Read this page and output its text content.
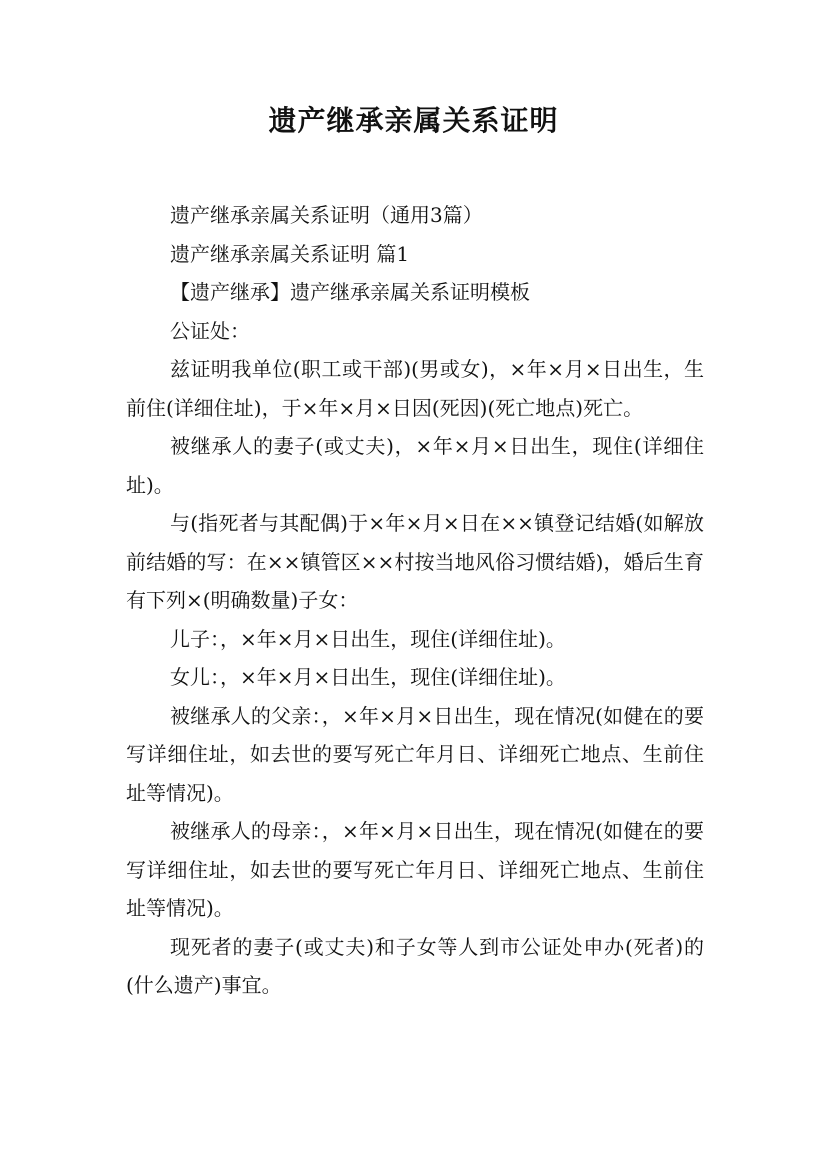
遗产继承亲属关系证明

遗产继承亲属关系证明（通用3篇）

遗产继承亲属关系证明 篇1

【遗产继承】遗产继承亲属关系证明模板

公证处：

兹证明我单位(职工或干部)(男或女)，×年×月×日出生，生前住(详细住址)，于×年×月×日因(死因)(死亡地点)死亡。

被继承人的妻子(或丈夫)，×年×月×日出生，现住(详细住址)。

与(指死者与其配偶)于×年×月×日在××镇登记结婚(如解放前结婚的写：在××镇管区××村按当地风俗习惯结婚)，婚后生育有下列×(明确数量)子女：

儿子：，×年×月×日出生，现住(详细住址)。

女儿：，×年×月×日出生，现住(详细住址)。

被继承人的父亲：，×年×月×日出生，现在情况(如健在的要写详细住址，如去世的要写死亡年月日、详细死亡地点、生前住址等情况)。

被继承人的母亲：，×年×月×日出生，现在情况(如健在的要写详细住址，如去世的要写死亡年月日、详细死亡地点、生前住址等情况)。

现死者的妻子(或丈夫)和子女等人到市公证处申办(死者)的(什么遗产)事宜。
